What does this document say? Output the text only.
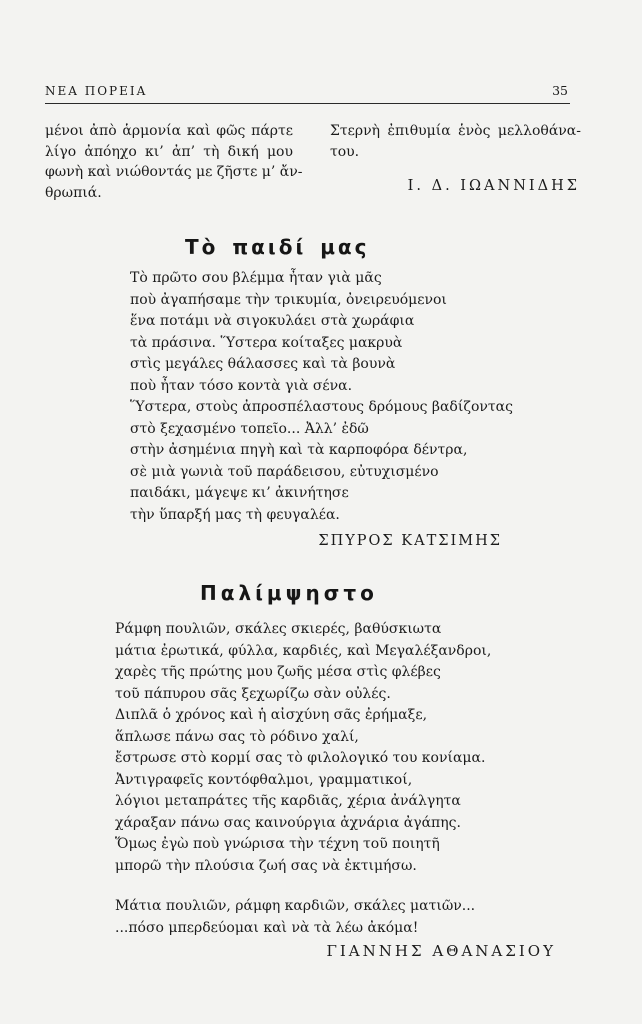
ΝΕΑ ΠΟΡΕΙΑ	35
μένοι ἀπὸ ἁρμονία καὶ φῶς πάρτε
λίγο ἀπόηχο κι’ ἀπ’ τὴ δική μου
φωνὴ καὶ νιώθοντάς με ζῆστε μ’ ἄν-
θρωπιά.
Στερνὴ ἐπιθυμία ἑνὸς μελλοθάνα-
του.
Ι. Δ. ΙΩΑΝΝΙΔΗΣ
Τὸ παιδί μας
Τὸ πρῶτο σου βλέμμα ἦταν γιὰ μᾶς
ποὺ ἀγαπήσαμε τὴν τρικυμία, ὀνειρευόμενοι
ἕνα ποτάμι νὰ σιγοκυλάει στὰ χωράφια
τὰ πράσινα. Ὕστερα κοίταξες μακρυὰ
στὶς μεγάλες θάλασσες καὶ τὰ βουνὰ
ποὺ ἦταν τόσο κοντὰ γιὰ σένα.
Ὕστερα, στοὺς ἀπροσπέλαστους δρόμους βαδίζοντας
στὸ ξεχασμένο τοπεῖο... Ἀλλ’ ἐδῶ
στὴν ἀσημένια πηγὴ καὶ τὰ καρποφόρα δέντρα,
σὲ μιὰ γωνιὰ τοῦ παράδεισου, εὐτυχισμένο
παιδάκι, μάγεψε κι’ ἀκινήτησε
τὴν ὕπαρξή μας τὴ φευγαλέα.
ΣΠΥΡΟΣ ΚΑΤΣΙΜΗΣ
Παλίμψηστο
Ράμφη πουλιῶν, σκάλες σκιερές, βαθύσκιωτα
μάτια ἐρωτικά, φύλλα, καρδιές, καὶ Μεγαλέξανδροι,
χαρὲς τῆς πρώτης μου ζωῆς μέσα στὶς φλέβες
τοῦ πάπυρου σᾶς ξεχωρίζω σὰν οὐλές.
Διπλᾶ ὁ χρόνος καὶ ἡ αἰσχύνη σᾶς ἐρήμαξε,
ἅπλωσε πάνω σας τὸ ρόδινο χαλί,
ἔστρωσε στὸ κορμί σας τὸ φιλολογικό του κονίαμα.
Ἀντιγραφεῖς κοντόφθαλμοι, γραμματικοί,
λόγιοι μεταπράτες τῆς καρδιᾶς, χέρια ἀνάλγητα
χάραξαν πάνω σας καινούργια ἀχνάρια ἀγάπης.
Ὅμως ἐγὼ ποὺ γνώρισα τὴν τέχνη τοῦ ποιητῆ
μπορῶ τὴν πλούσια ζωή σας νὰ ἐκτιμήσω.
Μάτια πουλιῶν, ράμφη καρδιῶν, σκάλες ματιῶν...
...πόσο μπερδεύομαι καὶ νὰ τὰ λέω ἀκόμα!
ΓΙΑΝΝΗΣ ΑΘΑΝΑΣΙΟΥ
